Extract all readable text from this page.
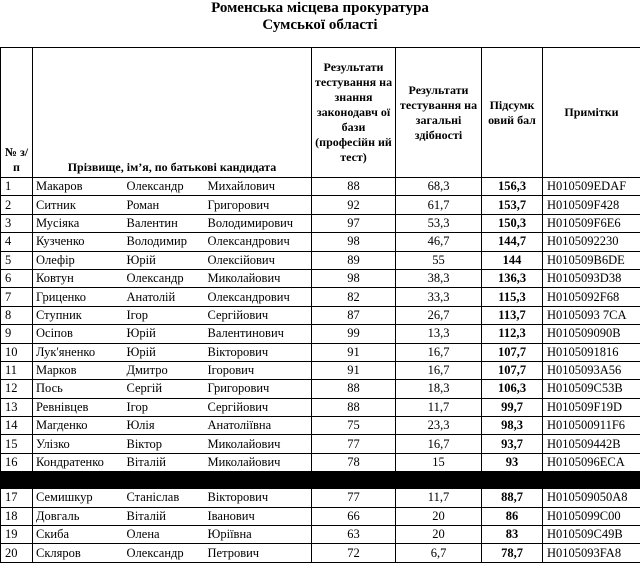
Роменська місцева прокуратура
Сумської області
№ з/п	Прізвище, ім’я, по батькові кандидата			Результати тестування на знання законодавч ої бази (професійн ий тест)	Результати тестування на загальні здібності	Підсумк овий бал	Примітки
1	Макаров	Олександр	Михайлович	88	68,3	156,3	H010509EDAF
2	Ситник	Роман	Григорович	92	61,7	153,7	H010509F428
3	Мусіяка	Валентин	Володимирович	97	53,3	150,3	H010509F6E6
4	Кузченко	Володимир	Олександрович	98	46,7	144,7	H0105092230
5	Олефір	Юрій	Олексійович	89	55	144	H010509B6DE
6	Ковтун	Олександр	Миколайович	98	38,3	136,3	H010509ЗD38
7	Гриценко	Анатолій	Олександрович	82	33,3	115,3	H0105092F68
8	Ступник	Ігор	Сергійович	87	26,7	113,7	H0105093 7CA
9	Осіпов	Юрій	Валентинович	99	13,3	112,3	H010509090B
10	Лук'яненко	Юрій	Вікторович	91	16,7	107,7	H0105091816
11	Марков	Дмитро	Ігорович	91	16,7	107,7	H0105093A56
12	Пось	Сергій	Григорович	88	18,3	106,3	H010509C53B
13	Ревнівцев	Ігор	Сергійович	88	11,7	99,7	H010509F19D
14	Магденко	Юлія	Анатоліївна	75	23,3	98,3	H010500911F6
15	Улізко	Віктор	Миколайович	77	16,7	93,7	H010509442B
16	Кондратенко	Віталій	Миколайович	78	15	93	H0105096ECA

17	Семишкур	Станіслав	Вікторович	77	11,7	88,7	H010509050A8
18	Довгаль	Віталій	Іванович	66	20	86	H0105099C00
19	Скиба	Олена	Юріївна	63	20	83	H010509C49B
20	Скляров	Олександр	Петрович	72	6,7	78,7	H0105093FA8
